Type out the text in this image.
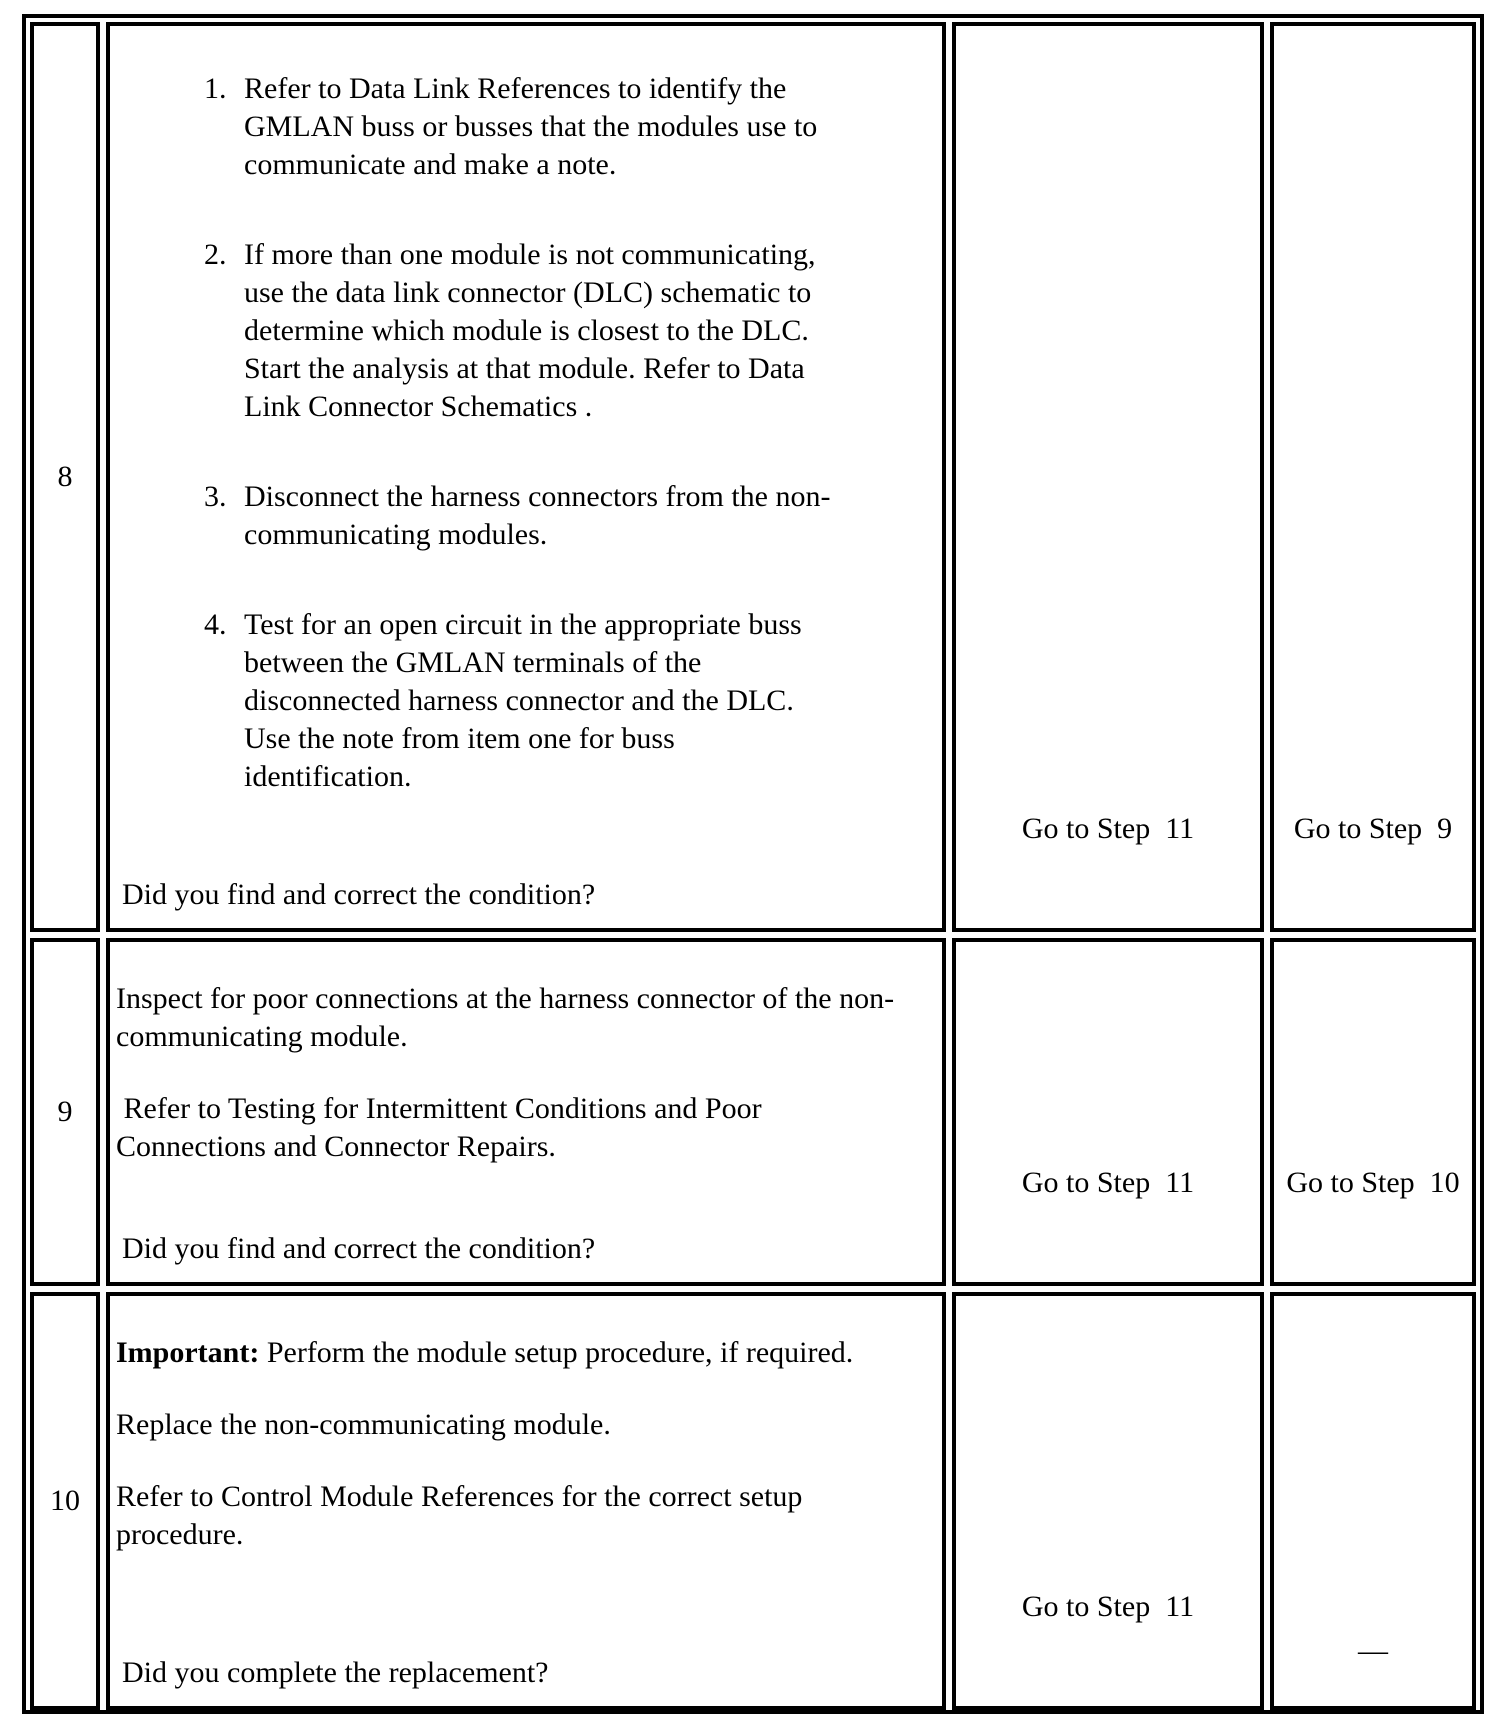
8
1. Refer to Data Link References to identify the GMLAN buss or busses that the modules use to communicate and make a note.
2. If more than one module is not communicating, use the data link connector (DLC) schematic to determine which module is closest to the DLC. Start the analysis at that module. Refer to Data Link Connector Schematics .
3. Disconnect the harness connectors from the non-communicating modules.
4. Test for an open circuit in the appropriate buss between the GMLAN terminals of the disconnected harness connector and the DLC. Use the note from item one for buss identification.
Did you find and correct the condition?
Go to Step  11	Go to Step  9
9

Inspect for poor connections at the harness connector of the non-communicating module.

Refer to Testing for Intermittent Conditions and Poor Connections and Connector Repairs.

Did you find and correct the condition?
Go to Step  11	Go to Step  10
10

Important: Perform the module setup procedure, if required.

Replace the non-communicating module.

Refer to Control Module References for the correct setup procedure.

Did you complete the replacement?
Go to Step  11
—
